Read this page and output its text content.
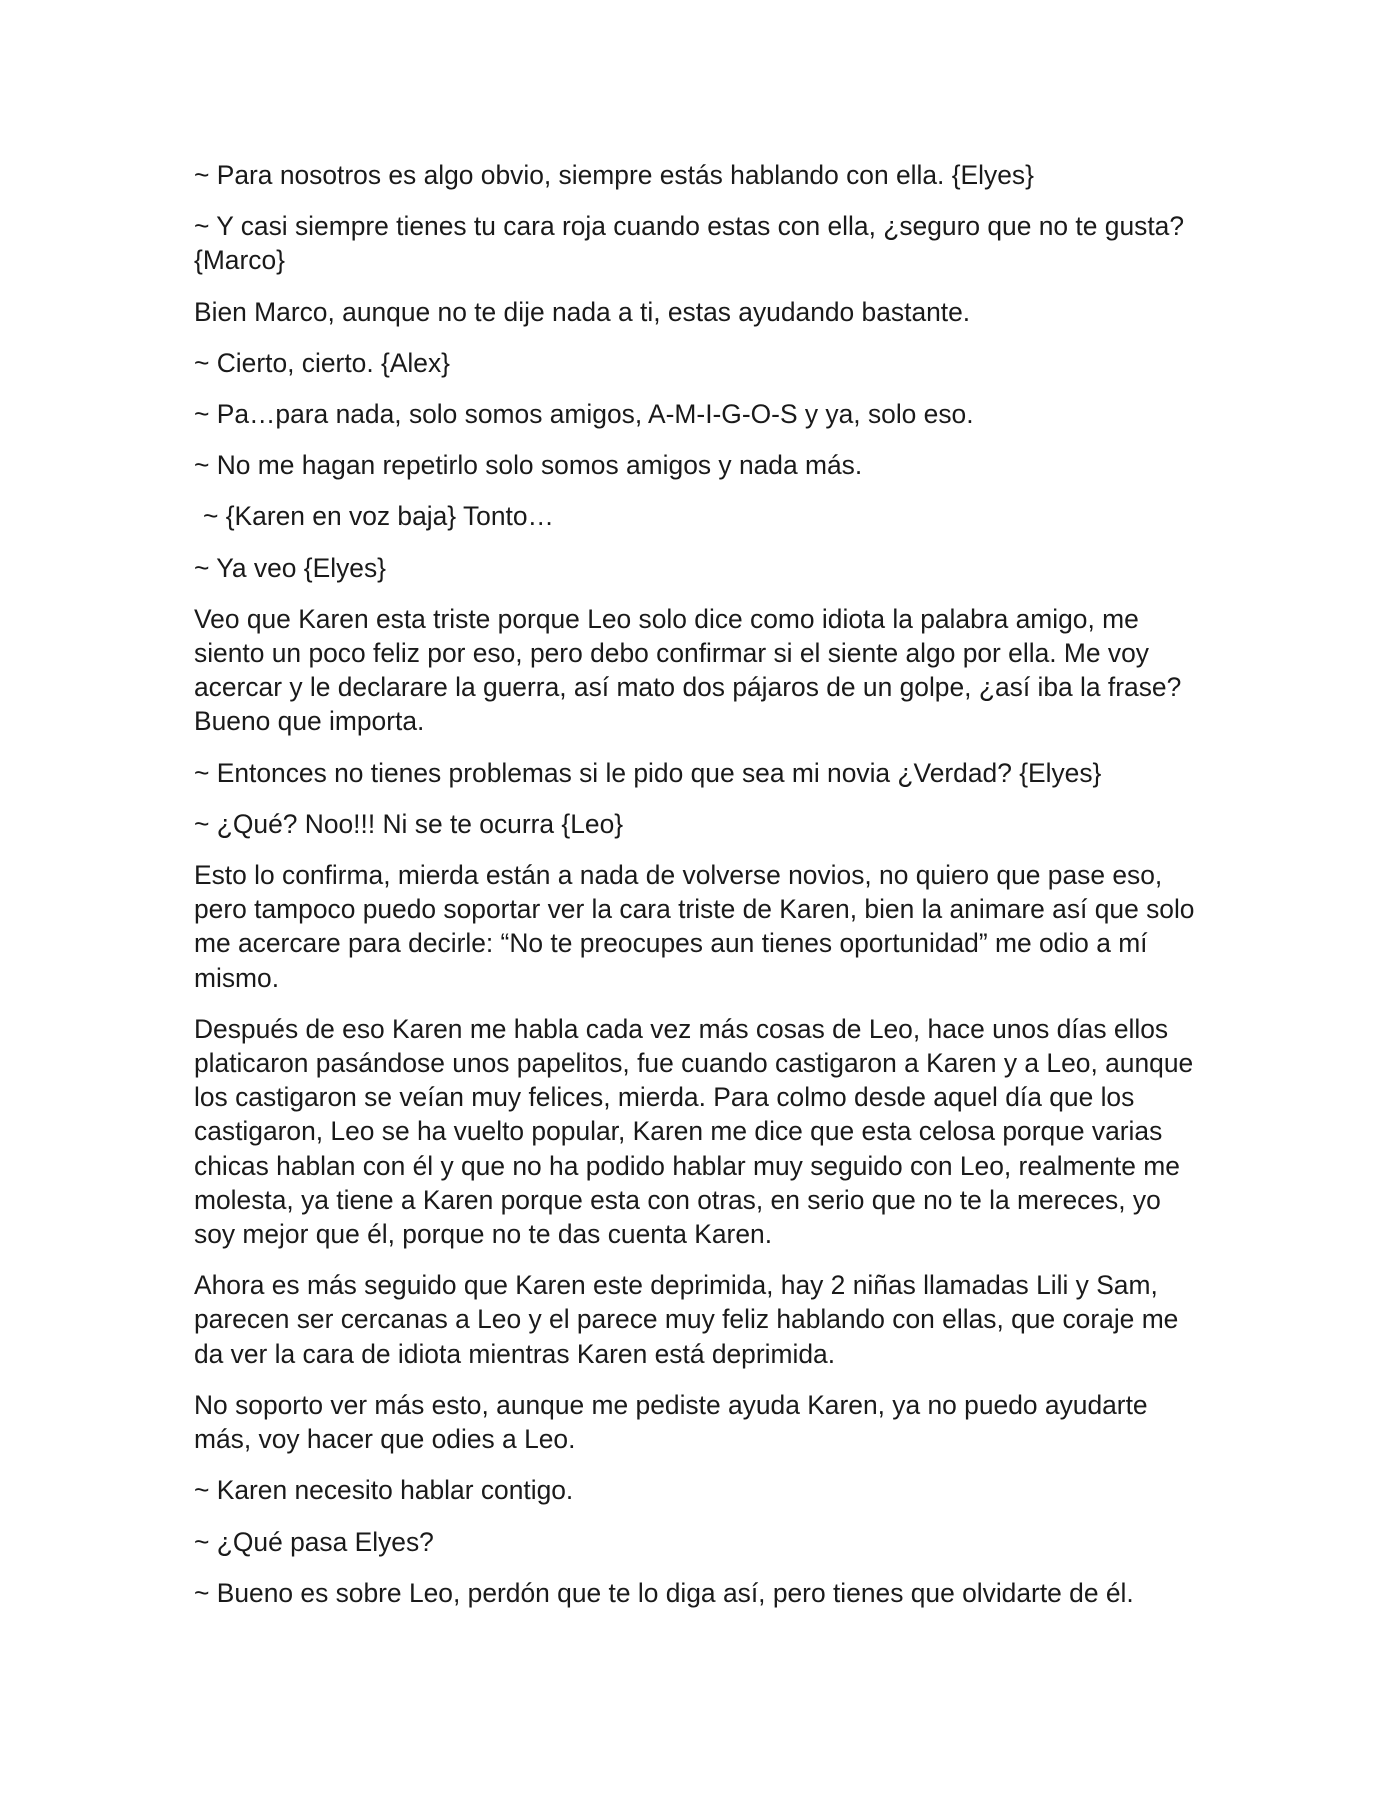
~ Para nosotros es algo obvio, siempre estás hablando con ella. {Elyes}

~ Y casi siempre tienes tu cara roja cuando estas con ella, ¿seguro que no te gusta? {Marco}

Bien Marco, aunque no te dije nada a ti, estas ayudando bastante.

~ Cierto, cierto. {Alex}

~ Pa…para nada, solo somos amigos, A-M-I-G-O-S y ya, solo eso.

~ No me hagan repetirlo solo somos amigos y nada más.

~ {Karen en voz baja} Tonto…

~ Ya veo {Elyes}

Veo que Karen esta triste porque Leo solo dice como idiota la palabra amigo, me siento un poco feliz por eso, pero debo confirmar si el siente algo por ella. Me voy acercar y le declarare la guerra, así mato dos pájaros de un golpe, ¿así iba la frase? Bueno que importa.

~ Entonces no tienes problemas si le pido que sea mi novia ¿Verdad? {Elyes}

~ ¿Qué? Noo!!! Ni se te ocurra {Leo}

Esto lo confirma, mierda están a nada de volverse novios, no quiero que pase eso, pero tampoco puedo soportar ver la cara triste de Karen, bien la animare así que solo me acercare para decirle: “No te preocupes aun tienes oportunidad” me odio a mí mismo.

Después de eso Karen me habla cada vez más cosas de Leo, hace unos días ellos platicaron pasándose unos papelitos, fue cuando castigaron a Karen y a Leo, aunque los castigaron se veían muy felices, mierda. Para colmo desde aquel día que los castigaron, Leo se ha vuelto popular, Karen me dice que esta celosa porque varias chicas hablan con él y que no ha podido hablar muy seguido con Leo, realmente me molesta, ya tiene a Karen porque esta con otras, en serio que no te la mereces, yo soy mejor que él, porque no te das cuenta Karen.

Ahora es más seguido que Karen este deprimida, hay 2 niñas llamadas Lili y Sam, parecen ser cercanas a Leo y el parece muy feliz hablando con ellas, que coraje me da ver la cara de idiota mientras Karen está deprimida.

No soporto ver más esto, aunque me pediste ayuda Karen, ya no puedo ayudarte más, voy hacer que odies a Leo.

~ Karen necesito hablar contigo.

~ ¿Qué pasa Elyes?

~ Bueno es sobre Leo, perdón que te lo diga así, pero tienes que olvidarte de él.
